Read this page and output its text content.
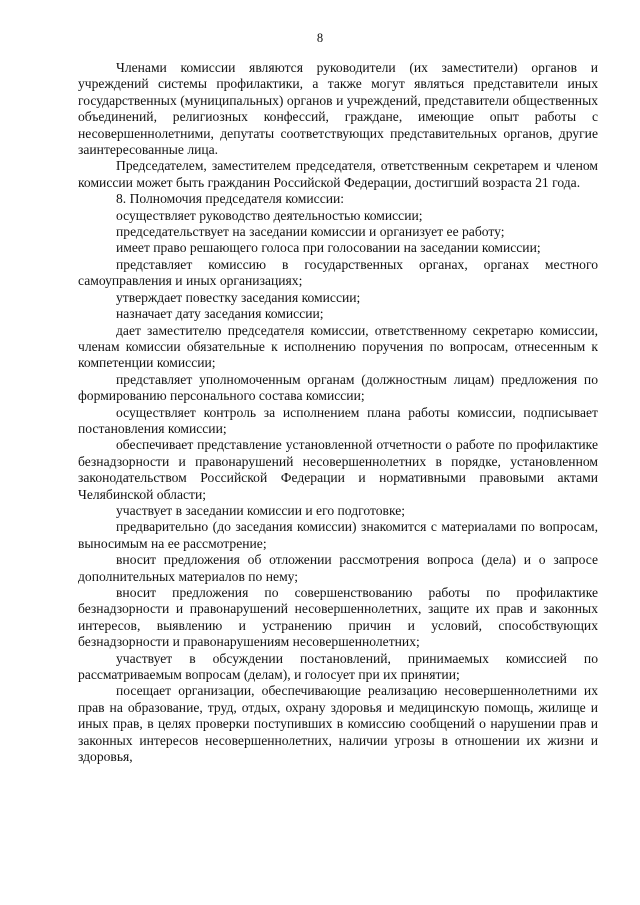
8

Членами комиссии являются руководители (их заместители) органов и учреждений системы профилактики, а также могут являться представители иных государственных (муниципальных) органов и учреждений, представители общественных объединений, религиозных конфессий, граждане, имеющие опыт работы с несовершеннолетними, депутаты соответствующих представительных органов, другие заинтересованные лица.

Председателем, заместителем председателя, ответственным секретарем и членом комиссии может быть гражданин Российской Федерации, достигший возраста 21 года.

8. Полномочия председателя комиссии:

осуществляет руководство деятельностью комиссии;

председательствует на заседании комиссии и организует ее работу;

имеет право решающего голоса при голосовании на заседании комиссии;

представляет комиссию в государственных органах, органах местного самоуправления и иных организациях;

утверждает повестку заседания комиссии;

назначает дату заседания комиссии;

дает заместителю председателя комиссии, ответственному секретарю комиссии, членам комиссии обязательные к исполнению поручения по вопросам, отнесенным к компетенции комиссии;

представляет уполномоченным органам (должностным лицам) предложения по формированию персонального состава комиссии;

осуществляет контроль за исполнением плана работы комиссии, подписывает постановления комиссии;

обеспечивает представление установленной отчетности о работе по профилактике безнадзорности и правонарушений несовершеннолетних в порядке, установленном законодательством Российской Федерации и нормативными правовыми актами Челябинской области;

участвует в заседании комиссии и его подготовке;

предварительно (до заседания комиссии) знакомится с материалами по вопросам, выносимым на ее рассмотрение;

вносит предложения об отложении рассмотрения вопроса (дела) и о запросе дополнительных материалов по нему;

вносит предложения по совершенствованию работы по профилактике безнадзорности и правонарушений несовершеннолетних, защите их прав и законных интересов, выявлению и устранению причин и условий, способствующих безнадзорности и правонарушениям несовершеннолетних;

участвует в обсуждении постановлений, принимаемых комиссией по рассматриваемым вопросам (делам), и голосует при их принятии;

посещает организации, обеспечивающие реализацию несовершеннолетними их прав на образование, труд, отдых, охрану здоровья и медицинскую помощь, жилище и иных прав, в целях проверки поступивших в комиссию сообщений о нарушении прав и законных интересов несовершеннолетних, наличии угрозы в отношении их жизни и здоровья,
